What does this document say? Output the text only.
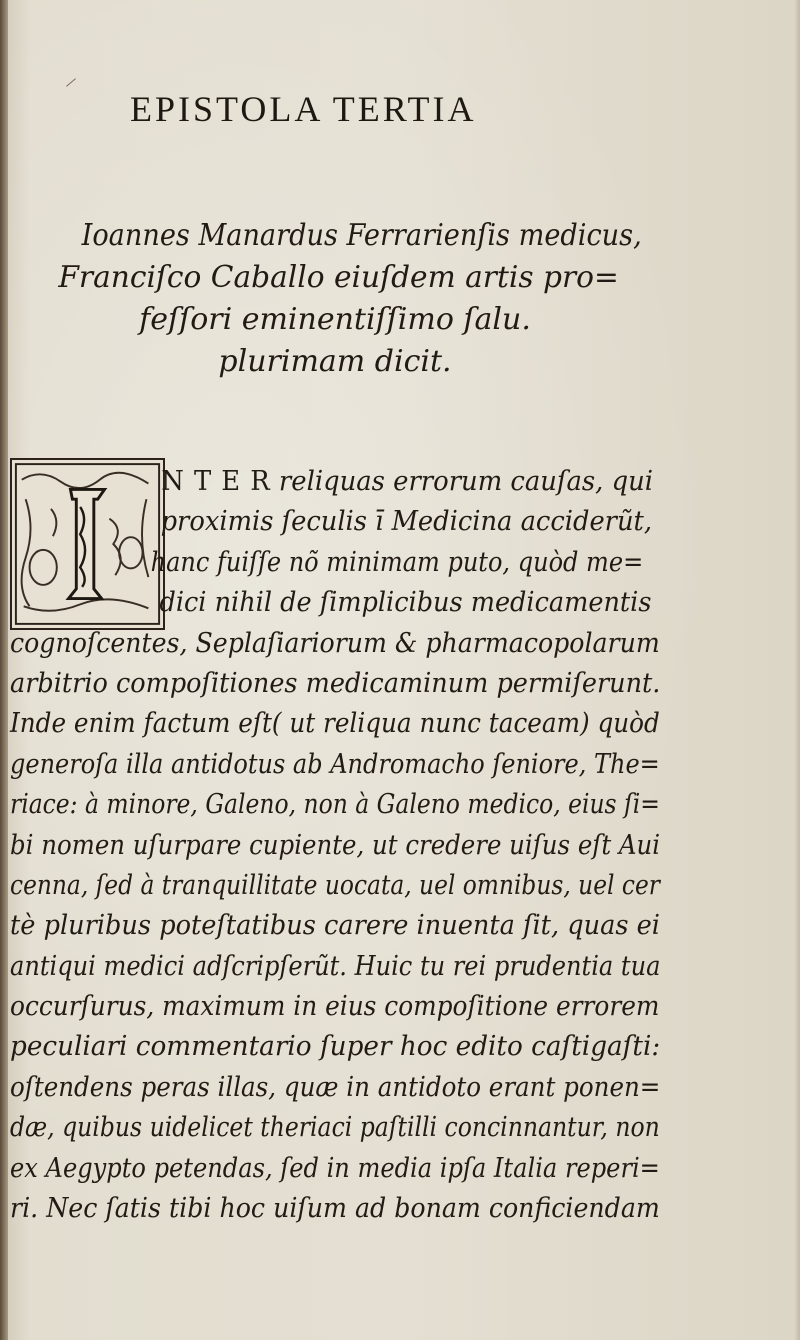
EPISTOLA TERTIA
Ioannes Manardus Ferrarienſis medicus,
Franciſco Caballo eiuſdem artis pro=
feſſori eminentiſſimo ſalu.
plurimam dicit.
N T E R reliquas errorum cauſas, qui
proximis ſeculis ī Medicina acciderũt,
hanc fuiſſe nõ minimam puto, quòd me=
dici nihil de ſimplicibus medicamentis
cognoſcentes, Seplaſiariorum & pharmacopolarum
arbitrio compoſitiones medicaminum permiſerunt.
Inde enim factum eſt( ut reliqua nunc taceam) quòd
generoſa illa antidotus ab Andromacho ſeniore, The=
riace: à minore, Galeno, non à Galeno medico, eius ſi=
bi nomen uſurpare cupiente, ut credere uiſus eſt Aui
cenna, ſed à tranquillitate uocata, uel omnibus, uel cer
tè pluribus poteſtatibus carere inuenta ſit, quas ei
antiqui medici adſcripſerũt. Huic tu rei prudentia tua
occurſurus, maximum in eius compoſitione errorem
peculiari commentario ſuper hoc edito caſtigaſti:
oſtendens peras illas, quæ in antidoto erant ponen=
dæ, quibus uidelicet theriaci paſtilli concinnantur, non
ex Aegypto petendas, ſed in media ipſa Italia reperi=
ri. Nec ſatis tibi hoc uiſum ad bonam conficiendam
